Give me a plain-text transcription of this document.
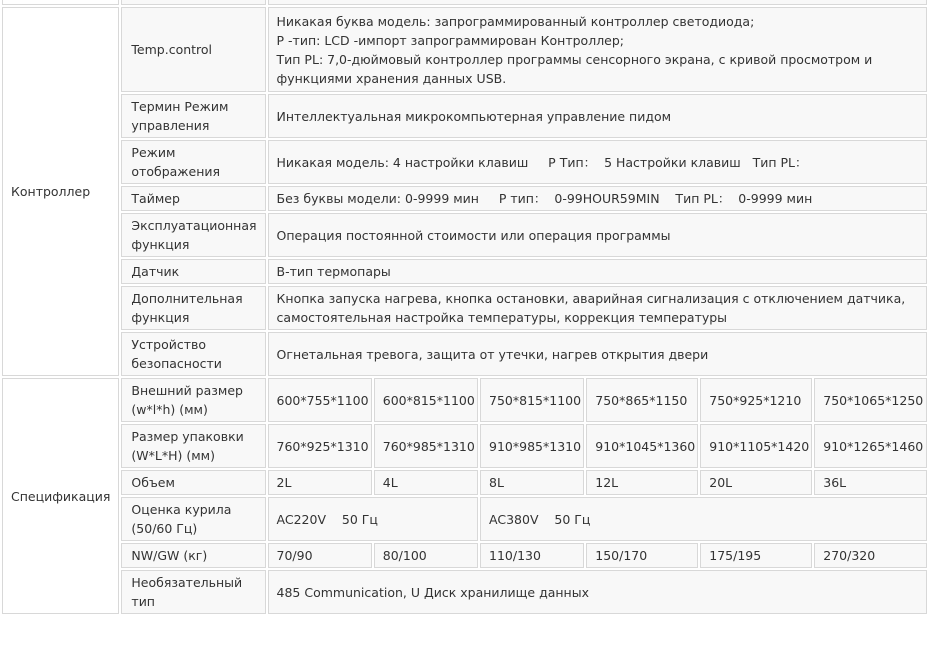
Контроллер	Temp.control	Никакая буква модель: запрограммированный контроллер светодиода;
P -тип: LCD -импорт запрограммирован Контроллер;
Тип PL: 7,0-дюймовый контроллер программы сенсорного экрана, с кривой просмотром и
функциями хранения данных USB.					

	Термин Режим управления	Интеллектуальная микрокомпьютерная управление пидом					
	Режим отображения	Никакая модель: 4 настройки клавиш     P Тип：  5 Настройки клавиш   Тип PL：					
	Таймер	Без буквы модели: 0-9999 мин     P тип：  0-99HOUR59MIN    Тип PL：  0-9999 мин					
	Эксплуатационная функция	Операция постоянной стоимости или операция программы					
	Датчик	B-тип термопары					
	Дополнительная функция	Кнопка запуска нагрева, кнопка остановки, аварийная сигнализация с отключением датчика,
самостоятельная настройка температуры, коррекция температуры					

	Устройство безопасности	Огнетальная тревога, защита от утечки, нагрев открытия двери					
Спецификация	Внешний размер (w*l*h) (мм)	600*755*1100	600*815*1100	750*815*1100	750*865*1150	750*925*1210	750*1065*1250
	Размер упаковки (W*L*H) (мм)	760*925*1310	760*985*1310	910*985*1310	910*1045*1360	910*1105*1420	910*1265*1460
	Объем	2L	4L	8L	12L	20L	36L
	Оценка курила (50/60 Гц)	AC220V    50 Гц		AC380V    50 Гц			
	NW/GW (кг)	70/90	80/100	110/130	150/170	175/195	270/320
	Необязательный тип	485 Communication, U Диск хранилище данных					
